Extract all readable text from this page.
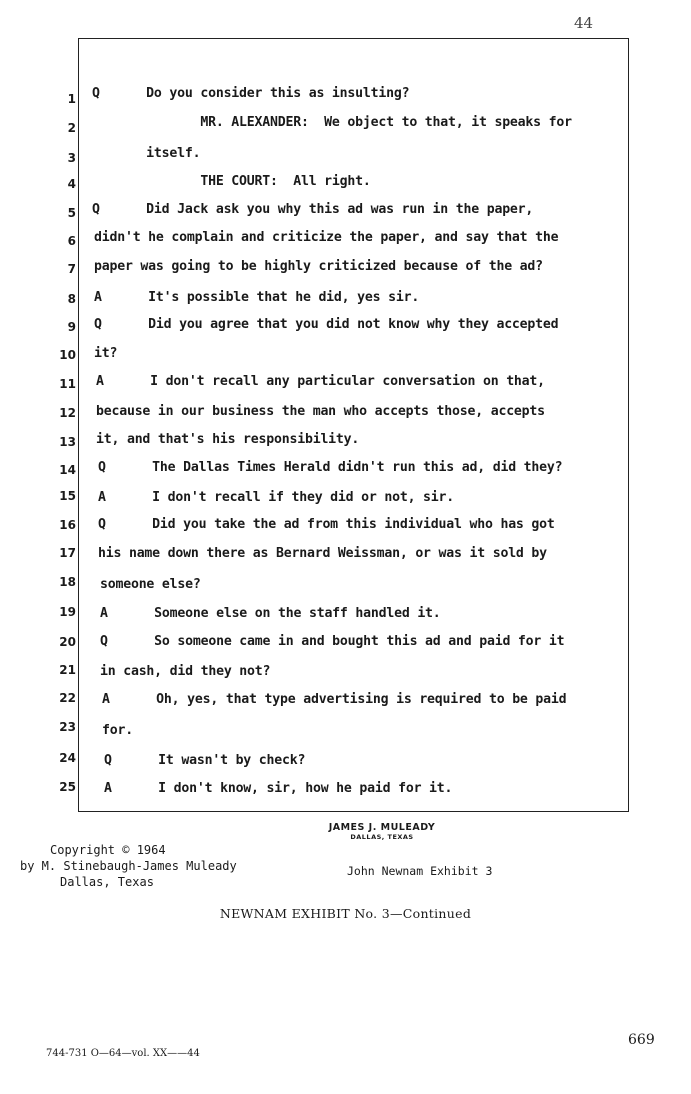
44
1
2
3
4
5
6
7
8
9
10
11
12
13
14
15
16
17
18
19
20
21
22
23
24
25
Q      Do you consider this as insulting?
MR. ALEXANDER:  We object to that, it speaks for
itself.
THE COURT:  All right.
Q      Did Jack ask you why this ad was run in the paper,
didn't he complain and criticize the paper, and say that the
paper was going to be highly criticized because of the ad?
A      It's possible that he did, yes sir.
Q      Did you agree that you did not know why they accepted
it?
A      I don't recall any particular conversation on that,
because in our business the man who accepts those, accepts
it, and that's his responsibility.
Q      The Dallas Times Herald didn't run this ad, did they?
A      I don't recall if they did or not, sir.
Q      Did you take the ad from this individual who has got
his name down there as Bernard Weissman, or was it sold by
someone else?
A      Someone else on the staff handled it.
Q      So someone came in and bought this ad and paid for it
in cash, did they not?
A      Oh, yes, that type advertising is required to be paid
for.
Q      It wasn't by check?
A      I don't know, sir, how he paid for it.
JAMES J. MULEADY
DALLAS, TEXAS
Copyright © 1964
by M. Stinebaugh-James Muleady
Dallas, Texas
John Newnam Exhibit 3
NEWNAM EXHIBIT No. 3—Continued
669
744-731 O—64—vol. XX——44
